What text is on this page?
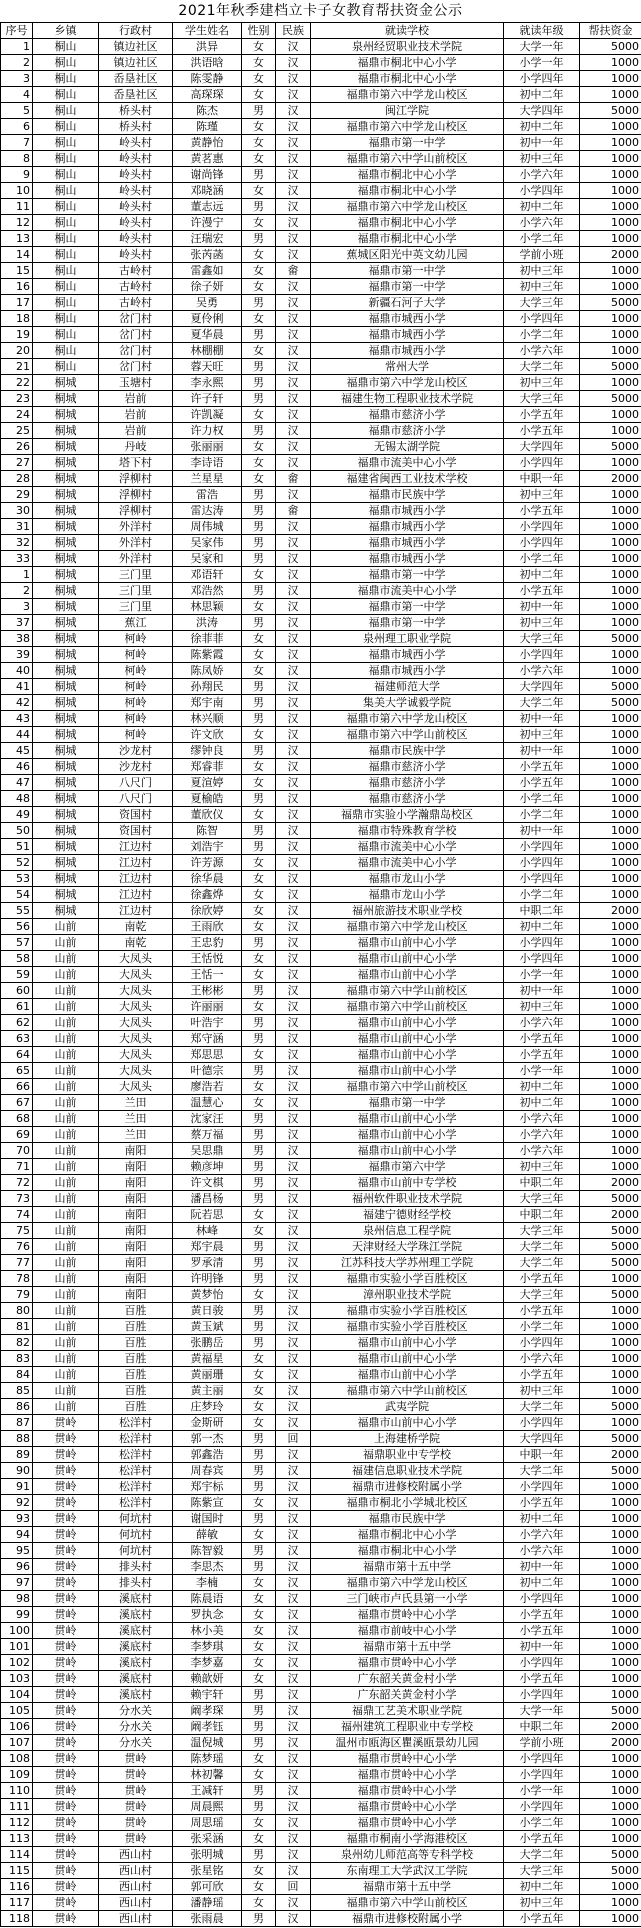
2021年秋季建档立卡子女教育帮扶资金公示
序号	乡镇	行政村	学生姓名	性别	民族	就读学校	就读年级	帮扶资金
1	桐山	镇边社区	洪异	女	汉	泉州经贸职业技术学院	大学一年	5000
2	桐山	镇边社区	洪语晗	女	汉	福鼎市桐北中心小学	小学一年	1000
3	桐山	岙垦社区	陈雯静	女	汉	福鼎市桐北中心小学	小学四年	1000
4	桐山	岙垦社区	高琛琛	女	汉	福鼎市第六中学龙山校区	初中二年	1000
5	桐山	桥头村	陈杰	男	汉	闽江学院	大学四年	5000
6	桐山	桥头村	陈瑾	女	汉	福鼎市第六中学龙山校区	初中二年	1000
7	桐山	岭头村	黄静怡	女	汉	福鼎市第一中学	初中一年	1000
8	桐山	岭头村	黄茗惠	女	汉	福鼎市第六中学山前校区	初中三年	1000
9	桐山	岭头村	谢尚锋	男	汉	福鼎市桐北中心小学	小学六年	1000
10	桐山	岭头村	邓晓涵	女	汉	福鼎市桐北中心小学	小学四年	1000
11	桐山	岭头村	董志远	男	汉	福鼎市第六中学龙山校区	初中二年	1000
12	桐山	岭头村	许漫宁	女	汉	福鼎市桐北中心小学	小学六年	1000
13	桐山	岭头村	汪瑞宏	男	汉	福鼎市桐北中心小学	小学二年	1000
14	桐山	岭头村	张芮菡	女	汉	蕉城区阳光中英文幼儿园	学前小班	2000
15	桐山	古岭村	雷鑫如	女	畲	福鼎市第一中学	初中三年	1000
16	桐山	古岭村	徐子妍	女	汉	福鼎市第一中学	初中三年	1000
17	桐山	古岭村	吴勇	男	汉	新疆石河子大学	大学三年	5000
18	桐山	岔门村	夏伶俐	女	汉	福鼎市城西小学	小学四年	1000
19	桐山	岔门村	夏华晨	男	汉	福鼎市城西小学	小学二年	1000
20	桐山	岔门村	林棚棚	女	汉	福鼎市城西小学	小学六年	1000
21	桐山	岔门村	蓉天旺	男	汉	常州大学	大学二年	5000
22	桐城	玉塘村	李永熙	男	汉	福鼎市第六中学龙山校区	初中三年	1000
23	桐城	岩前	许子轩	男	汉	福建生物工程职业技术学院	大学三年	5000
24	桐城	岩前	许凯凝	女	汉	福鼎市慈济小学	小学五年	1000
25	桐城	岩前	许力权	男	汉	福鼎市慈济小学	小学五年	1000
26	桐城	丹岐	张丽丽	女	汉	无锡太湖学院	大学四年	5000
27	桐城	塔下村	李诗语	女	汉	福鼎市流美中心小学	小学四年	1000
28	桐城	浮柳村	兰星星	女	畲	福建省闽西工业技术学校	中职一年	2000
29	桐城	浮柳村	雷浩	男	汉	福鼎市民族中学	初中三年	1000
30	桐城	浮柳村	雷达涛	男	畲	福鼎市城西小学	小学五年	1000
31	桐城	外洋村	周伟城	男	汉	福鼎市城西小学	小学四年	1000
32	桐城	外洋村	吴家伟	男	汉	福鼎市城西小学	小学四年	1000
33	桐城	外洋村	吴家和	男	汉	福鼎市城西小学	小学二年	1000
1	桐城	三门里	邓语轩	女	汉	福鼎市第一中学	初中二年	1000
2	桐城	三门里	邓浩然	男	汉	福鼎市流美中心小学	小学五年	1000
3	桐城	三门里	林思颖	女	汉	福鼎市第一中学	初中一年	1000
37	桐城	蕉江	洪涛	男	汉	福鼎市第一中学	初中三年	1000
38	桐城	柯岭	徐菲菲	女	汉	泉州理工职业学院	大学三年	5000
39	桐城	柯岭	陈紫霞	女	汉	福鼎市城西小学	小学四年	1000
40	桐城	柯岭	陈凤娇	女	汉	福鼎市城西小学	小学六年	1000
41	桐城	柯岭	孙翔民	男	汉	福建师范大学	大学四年	5000
42	桐城	柯岭	郑宇南	男	汉	集美大学诚毅学院	大学二年	5000
43	桐城	柯岭	林兴顺	男	汉	福鼎市第六中学龙山校区	初中一年	1000
44	桐城	柯岭	许文欣	女	汉	福鼎市第六中学山前校区	初中三年	1000
45	桐城	沙龙村	缪钟良	男	汉	福鼎市民族中学	初中一年	1000
46	桐城	沙龙村	郑睿菲	女	汉	福鼎市慈济小学	小学五年	1000
47	桐城	八尺门	夏渲婷	女	汉	福鼎市慈济小学	小学五年	1000
48	桐城	八尺门	夏榆皓	男	汉	福鼎市慈济小学	小学二年	1000
49	桐城	资国村	董欣仪	女	汉	福鼎市实验小学瀚鼎岛校区	小学二年	1000
50	桐城	资国村	陈智	男	汉	福鼎市特殊教育学校	初中一年	1000
51	桐城	江边村	刘浩宇	男	汉	福鼎市流美中心小学	小学四年	1000
52	桐城	江边村	许芳源	女	汉	福鼎市流美中心小学	小学四年	1000
53	桐城	江边村	徐华晨	女	汉	福鼎市龙山小学	小学四年	1000
54	桐城	江边村	徐鑫烨	女	汉	福鼎市龙山小学	小学二年	1000
55	桐城	江边村	徐欣婷	女	汉	福州旅游技术职业学校	中职二年	2000
56	山前	南乾	王雨欣	女	汉	福鼎市第六中学龙山校区	初中二年	1000
57	山前	南乾	王忠豹	男	汉	福鼎市山前中心小学	小学四年	1000
58	山前	大凤头	王恬悦	女	汉	福鼎市山前中心小学	小学四年	1000
59	山前	大凤头	王恬一	女	汉	福鼎市山前中心小学	小学一年	1000
60	山前	大凤头	王彬彬	男	汉	福鼎市第六中学山前校区	初中一年	1000
61	山前	大凤头	许丽丽	女	汉	福鼎市第六中学山前校区	初中三年	1000
62	山前	大凤头	叶浩宇	男	汉	福鼎市山前中心小学	小学六年	1000
63	山前	大凤头	郑守涵	男	汉	福鼎市山前中心小学	小学五年	1000
64	山前	大凤头	郑思思	女	汉	福鼎市山前中心小学	小学五年	1000
65	山前	大凤头	叶德宗	男	汉	福鼎市山前中心小学	小学一年	1000
66	山前	大凤头	廖浩若	女	汉	福鼎市第六中学山前校区	初中二年	1000
67	山前	兰田	温慧心	女	汉	福鼎市第一中学	初中二年	1000
68	山前	兰田	沈家汪	男	汉	福鼎市山前中心小学	小学六年	1000
69	山前	兰田	蔡万福	男	汉	福鼎市山前中心小学	小学六年	1000
70	山前	南阳	吴思鼎	男	汉	福鼎市山前中心小学	小学六年	1000
71	山前	南阳	赖彦坤	男	汉	福鼎市第六中学	初中三年	1000
72	山前	南阳	许文棋	男	汉	福鼎市山前中专学校	中职二年	2000
73	山前	南阳	潘昌杨	男	汉	福州软件职业技术学院	大学三年	5000
74	山前	南阳	阮若思	女	汉	福建宁德财经学校	中职二年	2000
75	山前	南阳	林峰	女	汉	泉州信息工程学院	大学三年	5000
76	山前	南阳	郑宇晨	男	汉	天津财经大学珠江学院	大学二年	5000
77	山前	南阳	罗承清	男	汉	江苏科技大学苏州理工学院	大学二年	5000
78	山前	南阳	许明锋	男	汉	福鼎市实验小学百胜校区	小学五年	1000
79	山前	南阳	黄梦怡	女	汉	漳州职业技术学院	大学三年	5000
80	山前	百胜	黄日骏	男	汉	福鼎市实验小学百胜校区	小学五年	1000
81	山前	百胜	黄玉斌	男	汉	福鼎市实验小学百胜校区	小学二年	1000
82	山前	百胜	张鹏岳	男	汉	福鼎市山前中心小学	小学四年	1000
83	山前	百胜	黄福星	女	汉	福鼎市山前中心小学	小学六年	1000
84	山前	百胜	黄丽珊	女	汉	福鼎市山前中心小学	小学五年	1000
85	山前	百胜	黄主丽	女	汉	福鼎市第六中学山前校区	初中三年	1000
86	山前	百胜	庄梦玲	女	汉	武夷学院	大学二年	5000
87	贯岭	松洋村	金斯研	女	汉	福鼎市山前中心小学	小学四年	1000
88	贯岭	松洋村	郭一杰	男	回	上海建桥学院	大学四年	5000
89	贯岭	松洋村	郭鑫浩	男	汉	福鼎职业中专学校	中职一年	2000
90	贯岭	松洋村	周春宾	男	汉	福建信息职业技术学院	大学二年	5000
91	贯岭	松洋村	郑宇标	男	汉	福鼎市进修校附属小学	小学四年	1000
92	贯岭	松洋村	陈紫宣	女	汉	福鼎市桐北小学城北校区	小学五年	1000
93	贯岭	何坑村	谢国时	男	汉	福鼎市民族中学	初中二年	1000
94	贯岭	何坑村	薛敏	女	汉	福鼎市桐北中心小学	小学六年	1000
95	贯岭	何坑村	陈智毅	男	汉	福鼎市桐北中心小学	小学六年	1000
96	贯岭	排头村	李思杰	男	汉	福鼎市第十五中学	初中一年	1000
97	贯岭	排头村	李楠	女	汉	福鼎市第六中学龙山校区	初中二年	1000
98	贯岭	溪底村	陈晨语	女	汉	三门峡市卢氏县第一小学	小学四年	1000
99	贯岭	溪底村	罗执念	女	汉	福鼎市贯岭中心小学	小学五年	1000
100	贯岭	溪底村	林小美	女	汉	福鼎市前岐中心小学	小学五年	1000
101	贯岭	溪底村	李梦琪	女	汉	福鼎市第十五中学	初中一年	1000
102	贯岭	溪底村	李梦嘉	女	汉	福鼎市贯岭中心小学	小学四年	1000
103	贯岭	溪底村	赖歆妍	女	汉	广东韶关黄金村小学	小学五年	1000
104	贯岭	溪底村	赖宇轩	男	汉	广东韶关黄金村小学	小学四年	1000
105	贯岭	分水关	阚孝琛	男	汉	福鼎工艺美术职业学院	大学一年	5000
106	贯岭	分水关	阚孝钰	男	汉	福州建筑工程职业中专学校	中职二年	2000
107	贯岭	分水关	温倪城	男	汉	温州市瓯海区瞿溪瓯景幼儿园	学前小班	2000
108	贯岭	贯岭	陈梦瑶	女	汉	福鼎市贯岭中心小学	小学四年	1000
109	贯岭	贯岭	林初馨	女	汉	福鼎市贯岭中心小学	小学四年	1000
110	贯岭	贯岭	王减轩	男	汉	福鼎市贯岭中心小学	小学一年	1000
111	贯岭	贯岭	周晨熙	男	汉	福鼎市贯岭中心小学	小学四年	1000
112	贯岭	贯岭	周思瑶	女	汉	福鼎市贯岭中心小学	小学二年	1000
113	贯岭	贯岭	张采涵	女	汉	福鼎市桐南小学海港校区	小学五年	1000
114	贯岭	西山村	张明城	男	汉	泉州幼儿师范高等专科学校	大学二年	5000
115	贯岭	西山村	张星铭	女	汉	东南理工大学武汉工学院	大学三年	5000
116	贯岭	西山村	郭可欣	女	回	福鼎市第十五中学	初中二年	1000
117	贯岭	西山村	潘静瑶	女	汉	福鼎市第六中学山前校区	初中三年	1000
118	贯岭	西山村	张雨晨	男	汉	福鼎市进修校附属小学	小学五年	1000
